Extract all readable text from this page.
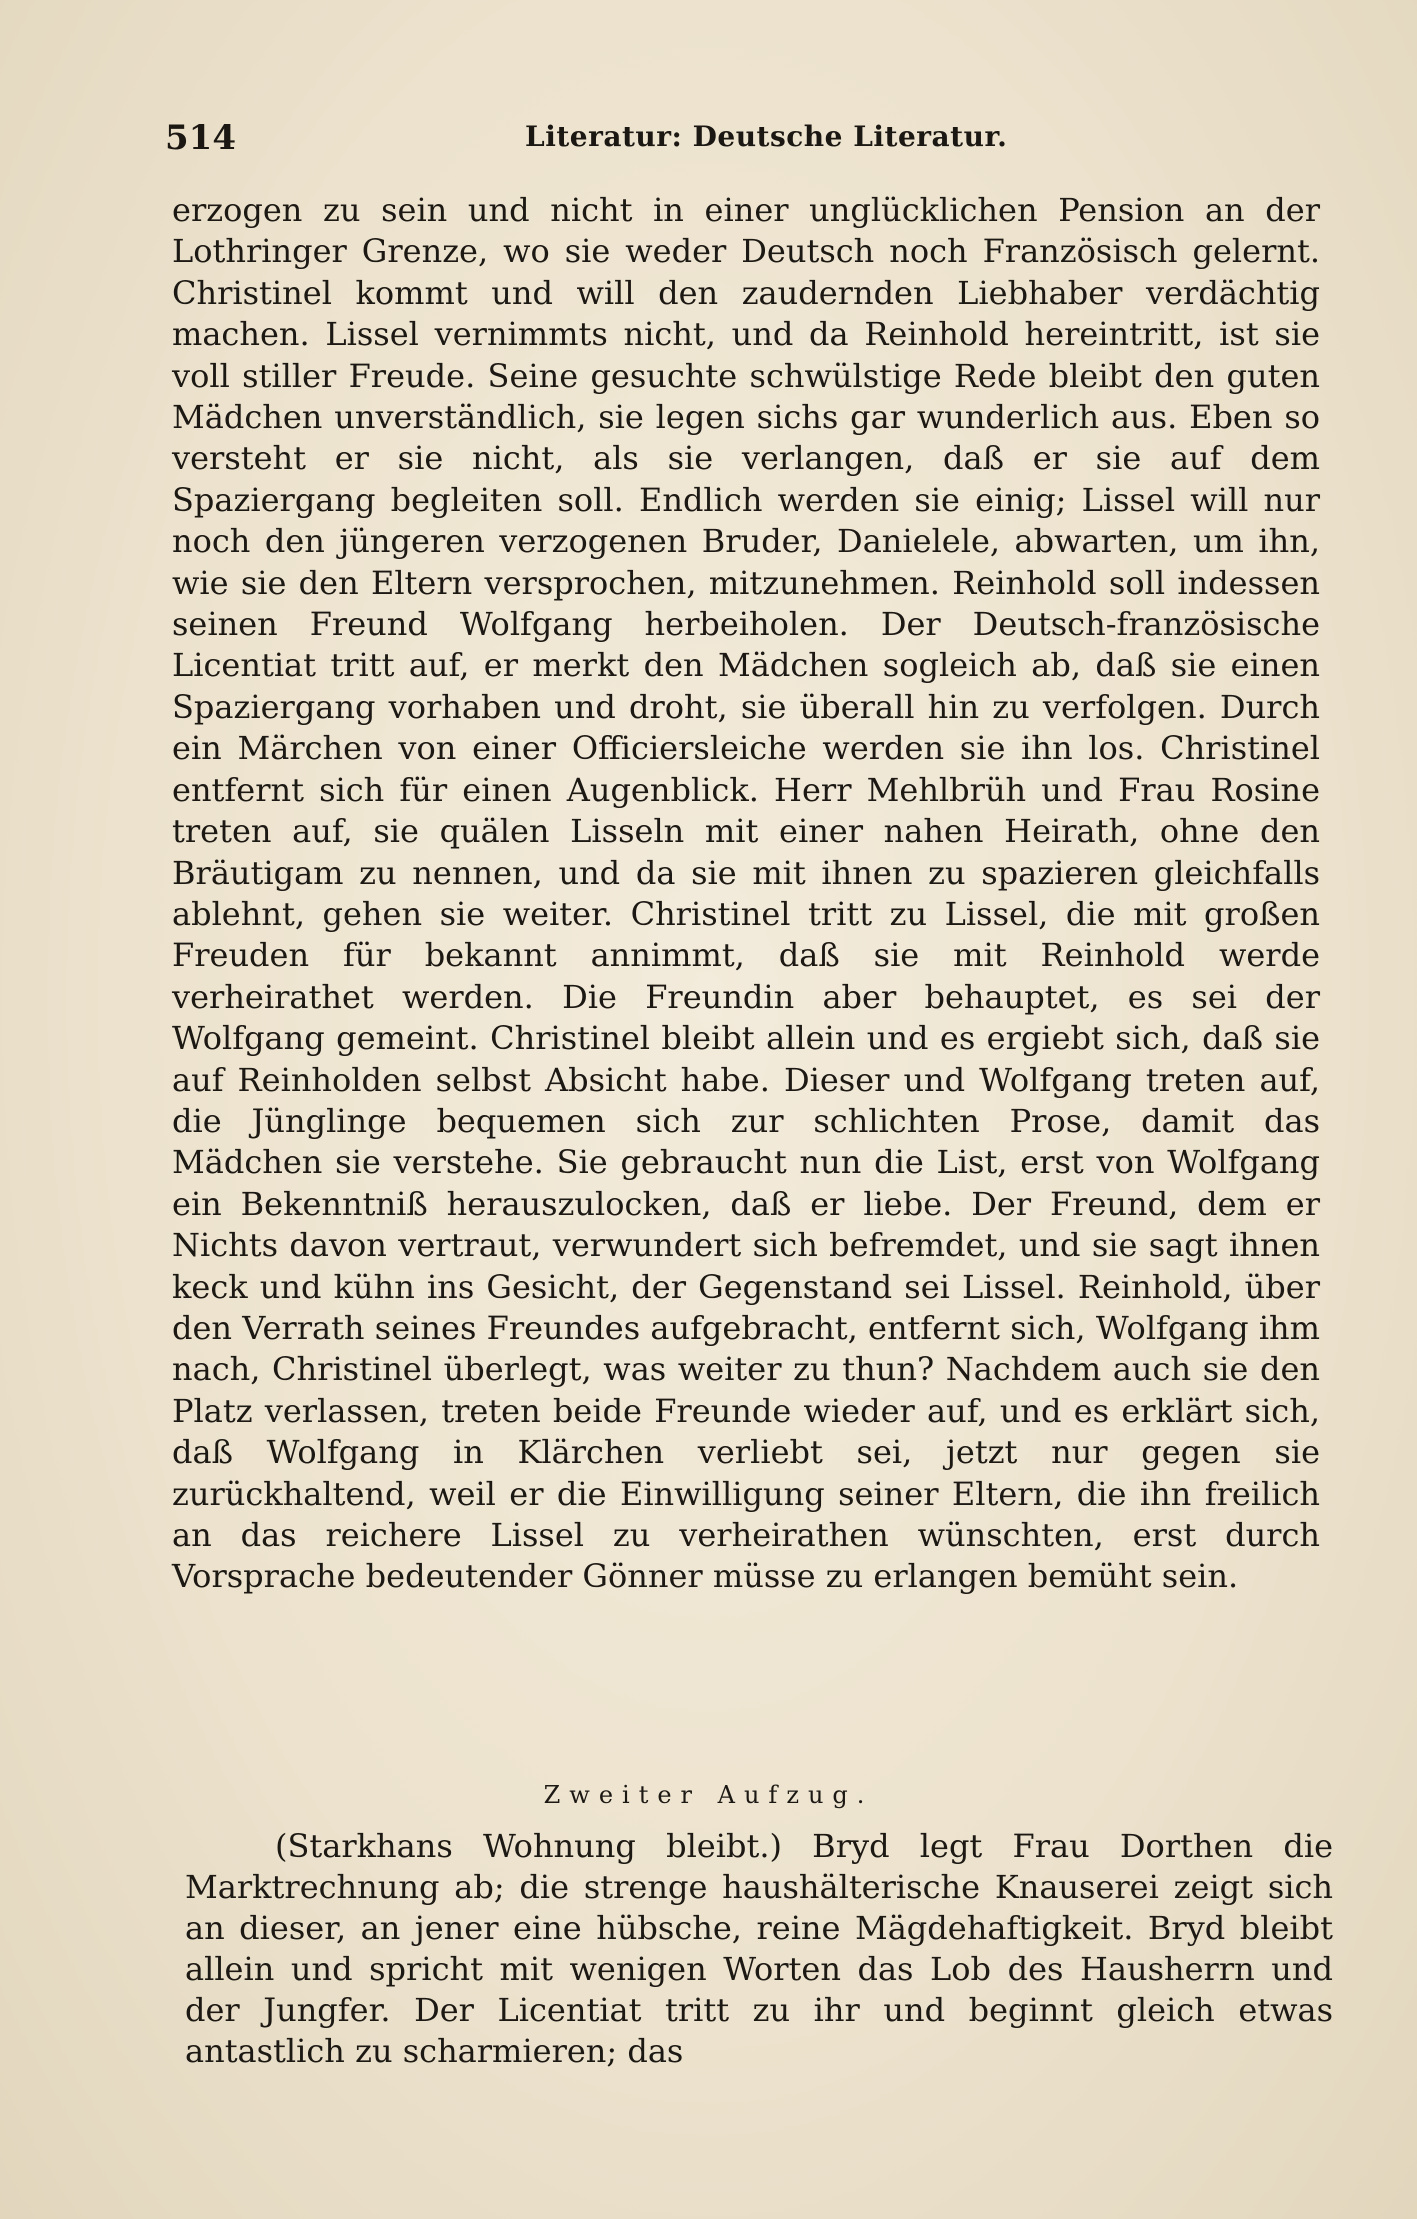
514	Literatur: Deutsche Literatur.

erzogen zu sein und nicht in einer unglücklichen Pension an der Lothringer Grenze, wo sie weder Deutsch noch Französisch gelernt. Christinel kommt und will den zaudernden Liebhaber verdächtig machen. Lissel vernimmts nicht, und da Reinhold hereintritt, ist sie voll stiller Freude. Seine gesuchte schwülstige Rede bleibt den guten Mädchen unverständlich, sie legen sichs gar wunderlich aus. Eben so versteht er sie nicht, als sie verlangen, daß er sie auf dem Spaziergang begleiten soll. Endlich werden sie einig; Lissel will nur noch den jüngeren verzogenen Bruder, Danielele, abwarten, um ihn, wie sie den Eltern versprochen, mitzunehmen. Reinhold soll indessen seinen Freund Wolfgang herbeiholen. Der Deutsch-französische Licentiat tritt auf, er merkt den Mädchen sogleich ab, daß sie einen Spaziergang vorhaben und droht, sie überall hin zu verfolgen. Durch ein Märchen von einer Officiersleiche werden sie ihn los. Christinel entfernt sich für einen Augenblick. Herr Mehlbrüh und Frau Rosine treten auf, sie quälen Lisseln mit einer nahen Heirath, ohne den Bräutigam zu nennen, und da sie mit ihnen zu spazieren gleichfalls ablehnt, gehen sie weiter. Christinel tritt zu Lissel, die mit großen Freuden für bekannt annimmt, daß sie mit Reinhold werde verheirathet werden. Die Freundin aber behauptet, es sei der Wolfgang gemeint. Christinel bleibt allein und es ergiebt sich, daß sie auf Reinholden selbst Absicht habe. Dieser und Wolfgang treten auf, die Jünglinge bequemen sich zur schlichten Prose, damit das Mädchen sie verstehe. Sie gebraucht nun die List, erst von Wolfgang ein Bekenntniß herauszulocken, daß er liebe. Der Freund, dem er Nichts davon vertraut, verwundert sich befremdet, und sie sagt ihnen keck und kühn ins Gesicht, der Gegenstand sei Lissel. Reinhold, über den Verrath seines Freundes aufgebracht, entfernt sich, Wolfgang ihm nach, Christinel überlegt, was weiter zu thun? Nachdem auch sie den Platz verlassen, treten beide Freunde wieder auf, und es erklärt sich, daß Wolfgang in Klärchen verliebt sei, jetzt nur gegen sie zurückhaltend, weil er die Einwilligung seiner Eltern, die ihn freilich an das reichere Lissel zu verheirathen wünschten, erst durch Vorsprache bedeutender Gönner müsse zu erlangen bemüht sein.

Zweiter Aufzug.

(Starkhans Wohnung bleibt.) Bryd legt Frau Dorthen die Marktrechnung ab; die strenge haushälterische Knauserei zeigt sich an dieser, an jener eine hübsche, reine Mägdehaftigkeit. Bryd bleibt allein und spricht mit wenigen Worten das Lob des Hausherrn und der Jungfer. Der Licentiat tritt zu ihr und beginnt gleich etwas antastlich zu scharmieren; das
